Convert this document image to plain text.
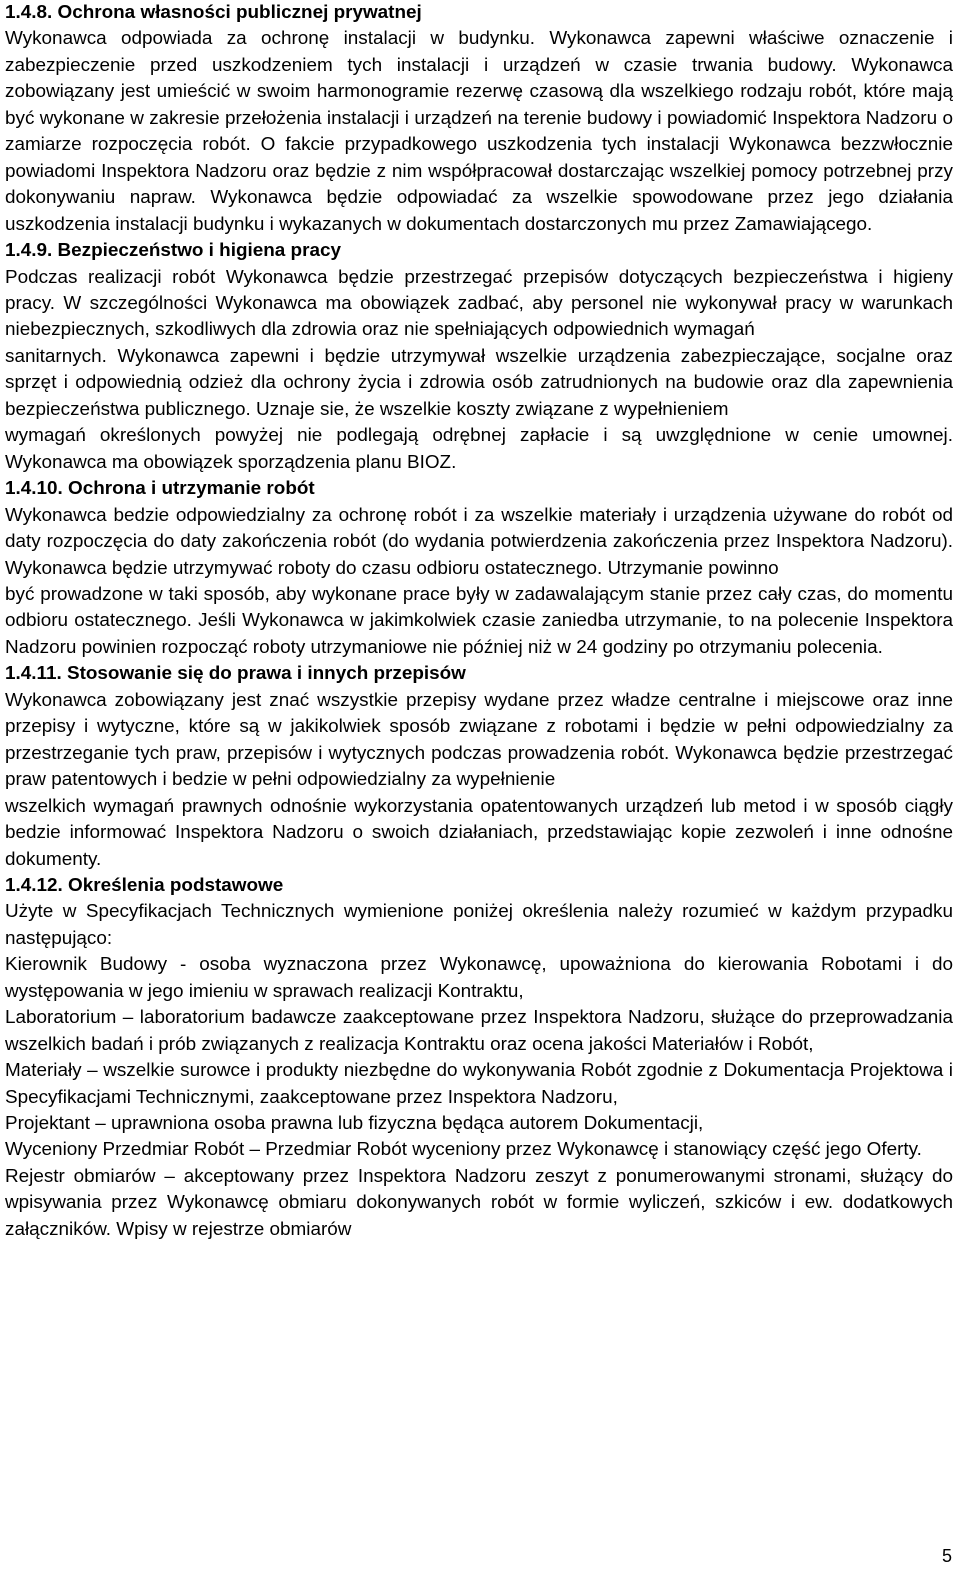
1.4.8. Ochrona własności publicznej prywatnej

Wykonawca odpowiada za ochronę instalacji w budynku. Wykonawca zapewni właściwe oznaczenie i zabezpieczenie przed uszkodzeniem tych instalacji i urządzeń w czasie trwania budowy. Wykonawca zobowiązany jest umieścić w swoim harmonogramie rezerwę czasową dla wszelkiego rodzaju robót, które mają być wykonane w zakresie przełożenia instalacji i urządzeń na terenie budowy i powiadomić Inspektora Nadzoru o zamiarze rozpoczęcia robót. O fakcie przypadkowego uszkodzenia tych instalacji Wykonawca bezzwłocznie powiadomi Inspektora Nadzoru oraz będzie z nim współpracował dostarczając wszelkiej pomocy potrzebnej przy dokonywaniu napraw. Wykonawca będzie odpowiadać za wszelkie spowodowane przez jego działania uszkodzenia instalacji budynku i wykazanych w dokumentach dostarczonych mu przez Zamawiającego.

1.4.9. Bezpieczeństwo i higiena pracy

Podczas realizacji robót Wykonawca będzie przestrzegać przepisów dotyczących bezpieczeństwa i higieny pracy. W szczególności Wykonawca ma obowiązek zadbać, aby personel nie wykonywał pracy w warunkach niebezpiecznych, szkodliwych dla zdrowia oraz nie spełniających odpowiednich wymagań

sanitarnych. Wykonawca zapewni i będzie utrzymywał wszelkie urządzenia zabezpieczające, socjalne oraz sprzęt i odpowiednią odzież dla ochrony życia i zdrowia osób zatrudnionych na budowie oraz dla zapewnienia bezpieczeństwa publicznego. Uznaje sie, że wszelkie koszty związane z wypełnieniem

wymagań określonych powyżej nie podlegają odrębnej zapłacie i są uwzględnione w cenie umownej. Wykonawca ma obowiązek sporządzenia planu BIOZ.

1.4.10. Ochrona i utrzymanie robót

Wykonawca bedzie odpowiedzialny za ochronę robót i za wszelkie materiały i urządzenia używane do robót od daty rozpoczęcia do daty zakończenia robót (do wydania potwierdzenia zakończenia przez Inspektora Nadzoru). Wykonawca będzie utrzymywać roboty do czasu odbioru ostatecznego. Utrzymanie powinno

być prowadzone w taki sposób, aby wykonane prace były w zadawalającym stanie przez cały czas, do momentu odbioru ostatecznego. Jeśli Wykonawca w jakimkolwiek czasie zaniedba utrzymanie, to na polecenie Inspektora Nadzoru powinien rozpocząć roboty utrzymaniowe nie później niż w 24 godziny po otrzymaniu polecenia.

1.4.11. Stosowanie się do prawa i innych przepisów

Wykonawca zobowiązany jest znać wszystkie przepisy wydane przez władze centralne i miejscowe oraz inne przepisy i wytyczne, które są w jakikolwiek sposób związane z robotami i będzie w pełni odpowiedzialny za przestrzeganie tych praw, przepisów i wytycznych podczas prowadzenia robót. Wykonawca będzie przestrzegać praw patentowych i bedzie w pełni odpowiedzialny za wypełnienie

wszelkich wymagań prawnych odnośnie wykorzystania opatentowanych urządzeń lub metod i w sposób ciągły bedzie informować Inspektora Nadzoru o swoich działaniach, przedstawiając kopie zezwoleń i inne odnośne dokumenty.

1.4.12. Określenia podstawowe

Użyte w Specyfikacjach Technicznych wymienione poniżej określenia należy rozumieć w każdym przypadku następująco:

Kierownik Budowy - osoba wyznaczona przez Wykonawcę, upoważniona do kierowania Robotami i do występowania w jego imieniu w sprawach realizacji Kontraktu,

Laboratorium – laboratorium badawcze zaakceptowane przez Inspektora Nadzoru, służące do przeprowadzania wszelkich badań i prób związanych z realizacja Kontraktu oraz ocena jakości Materiałów i Robót,

Materiały – wszelkie surowce i produkty niezbędne do wykonywania Robót zgodnie z Dokumentacja Projektowa i Specyfikacjami Technicznymi, zaakceptowane przez Inspektora Nadzoru,

Projektant – uprawniona osoba prawna lub fizyczna będąca autorem Dokumentacji,

Wyceniony Przedmiar Robót – Przedmiar Robót wyceniony przez Wykonawcę i stanowiący część jego Oferty.

Rejestr obmiarów – akceptowany przez Inspektora Nadzoru zeszyt z ponumerowanymi stronami, służący do wpisywania przez Wykonawcę obmiaru dokonywanych robót w formie wyliczeń, szkiców i ew. dodatkowych załączników. Wpisy w rejestrze obmiarów

5
